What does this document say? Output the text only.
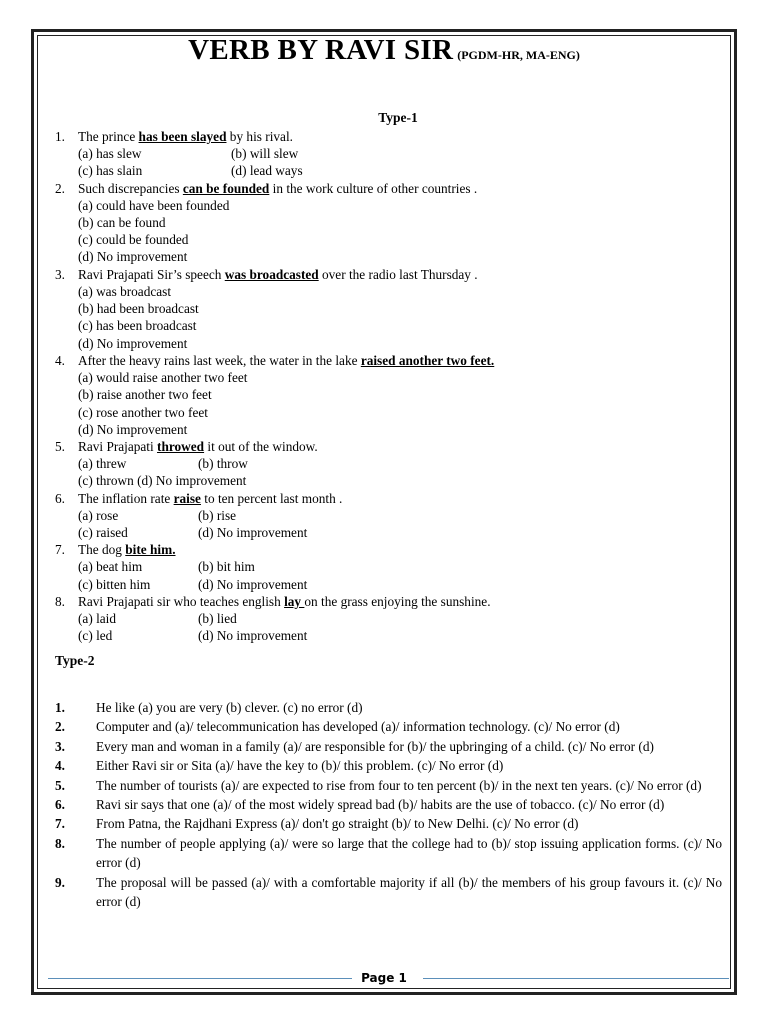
VERB BY RAVI SIR (PGDM-HR, MA-ENG)
Type-1
1. The prince has been slayed by his rival.
(a) has slew	(b) will slew
(c) has slain	(d) lead ways
2. Such discrepancies can be founded in the work culture of other countries .
(a) could have been founded
(b) can be found
(c) could be founded
(d) No improvement
3. Ravi Prajapati Sir’s speech was broadcasted over the radio last Thursday .
(a) was broadcast
(b) had been broadcast
(c) has been broadcast
(d) No improvement
4. After the heavy rains last week, the water in the lake raised another two feet.
(a) would raise another two feet
(b) raise another two feet
(c) rose another two feet
(d) No improvement
5. Ravi Prajapati throwed it out of the window.
(a) threw	(b) throw
(c) thrown (d) No improvement
6. The inflation rate raise to ten percent last month .
(a) rose	(b) rise
(c) raised	(d) No improvement
7. The dog bite him.
(a) beat him	(b) bit him
(c) bitten him	(d) No improvement
8. Ravi Prajapati sir who teaches english lay on the grass enjoying the sunshine.
(a) laid	(b) lied
(c) led	(d) No improvement
Type-2
1. He like (a) you are very (b) clever. (c) no error (d)
2. Computer and (a)/ telecommunication has developed (a)/ information technology. (c)/ No error (d)
3. Every man and woman in a family (a)/ are responsible for (b)/ the upbringing of a child. (c)/ No error (d)
4. Either Ravi sir or Sita (a)/ have the key to (b)/ this problem. (c)/ No error (d)
5. The number of tourists (a)/ are expected to rise from four to ten percent (b)/ in the next ten years. (c)/ No error (d)
6. Ravi sir says that one (a)/ of the most widely spread bad (b)/ habits are the use of tobacco. (c)/ No error (d)
7. From Patna, the Rajdhani Express (a)/ don't go straight (b)/ to New Delhi. (c)/ No error (d)
8. The number of people applying (a)/ were so large that the college had to (b)/ stop issuing application forms. (c)/ No error (d)
9. The proposal will be passed (a)/ with a comfortable majority if all (b)/ the members of his group favours it. (c)/ No error (d)
Page 1
